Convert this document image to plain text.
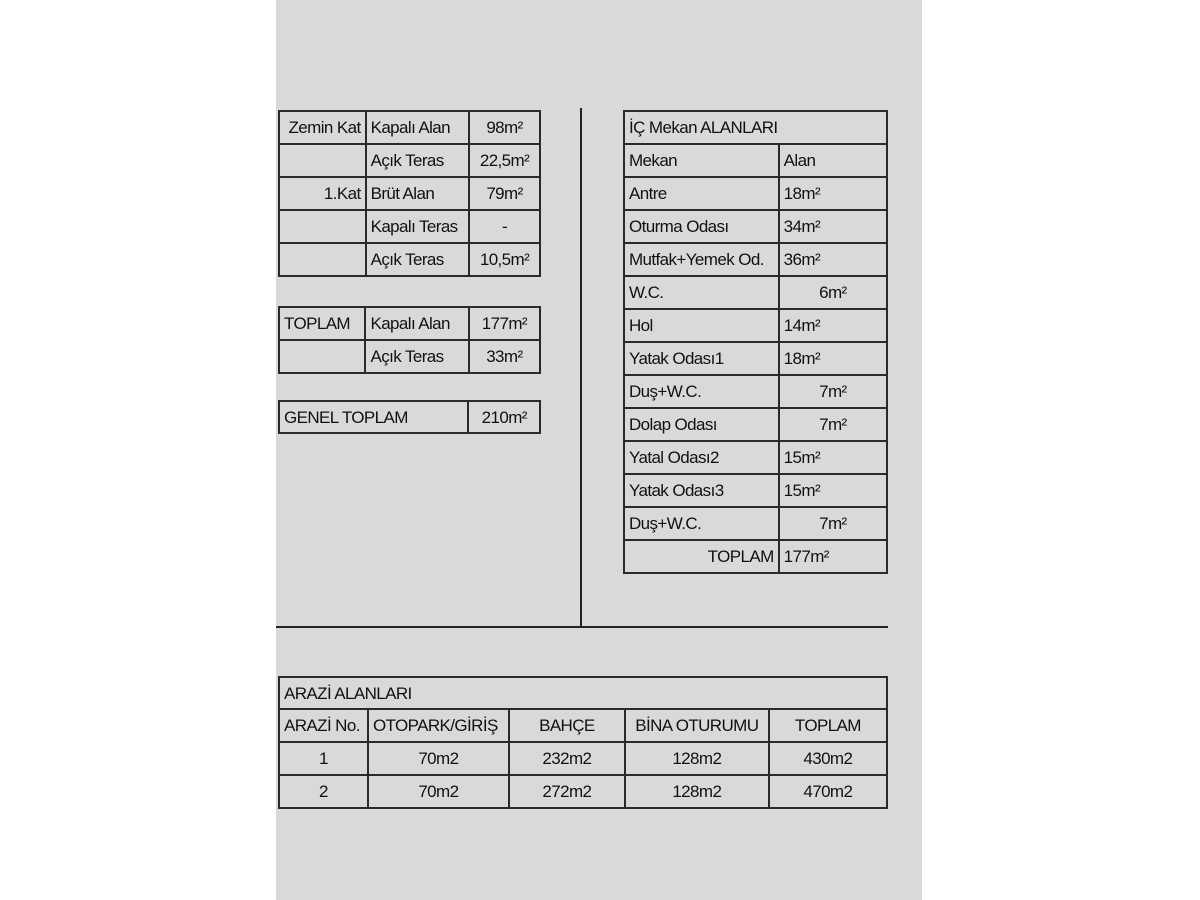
Zemin Kat	Kapalı Alan	98m²
	Açık Teras	22,5m²
1.Kat	Brüt Alan	79m²
	Kapalı Teras	-
	Açık Teras	10,5m²
TOPLAM	Kapalı Alan	177m²
	Açık Teras	33m²
GENEL TOPLAM	210m²
İÇ Mekan ALANLARI	
Mekan	Alan
Antre	18m²
Oturma Odası	34m²
Mutfak+Yemek Od.	36m²
W.C.	6m²
Hol	14m²
Yatak Odası1	18m²
Duş+W.C.	7m²
Dolap Odası	7m²
Yatal Odası2	15m²
Yatak Odası3	15m²
Duş+W.C.	7m²
TOPLAM	177m²
ARAZİ ALANLARI				
ARAZİ No.	OTOPARK/GİRİŞ	BAHÇE	BİNA OTURUMU	TOPLAM
1	70m2	232m2	128m2	430m2
2	70m2	272m2	128m2	470m2
